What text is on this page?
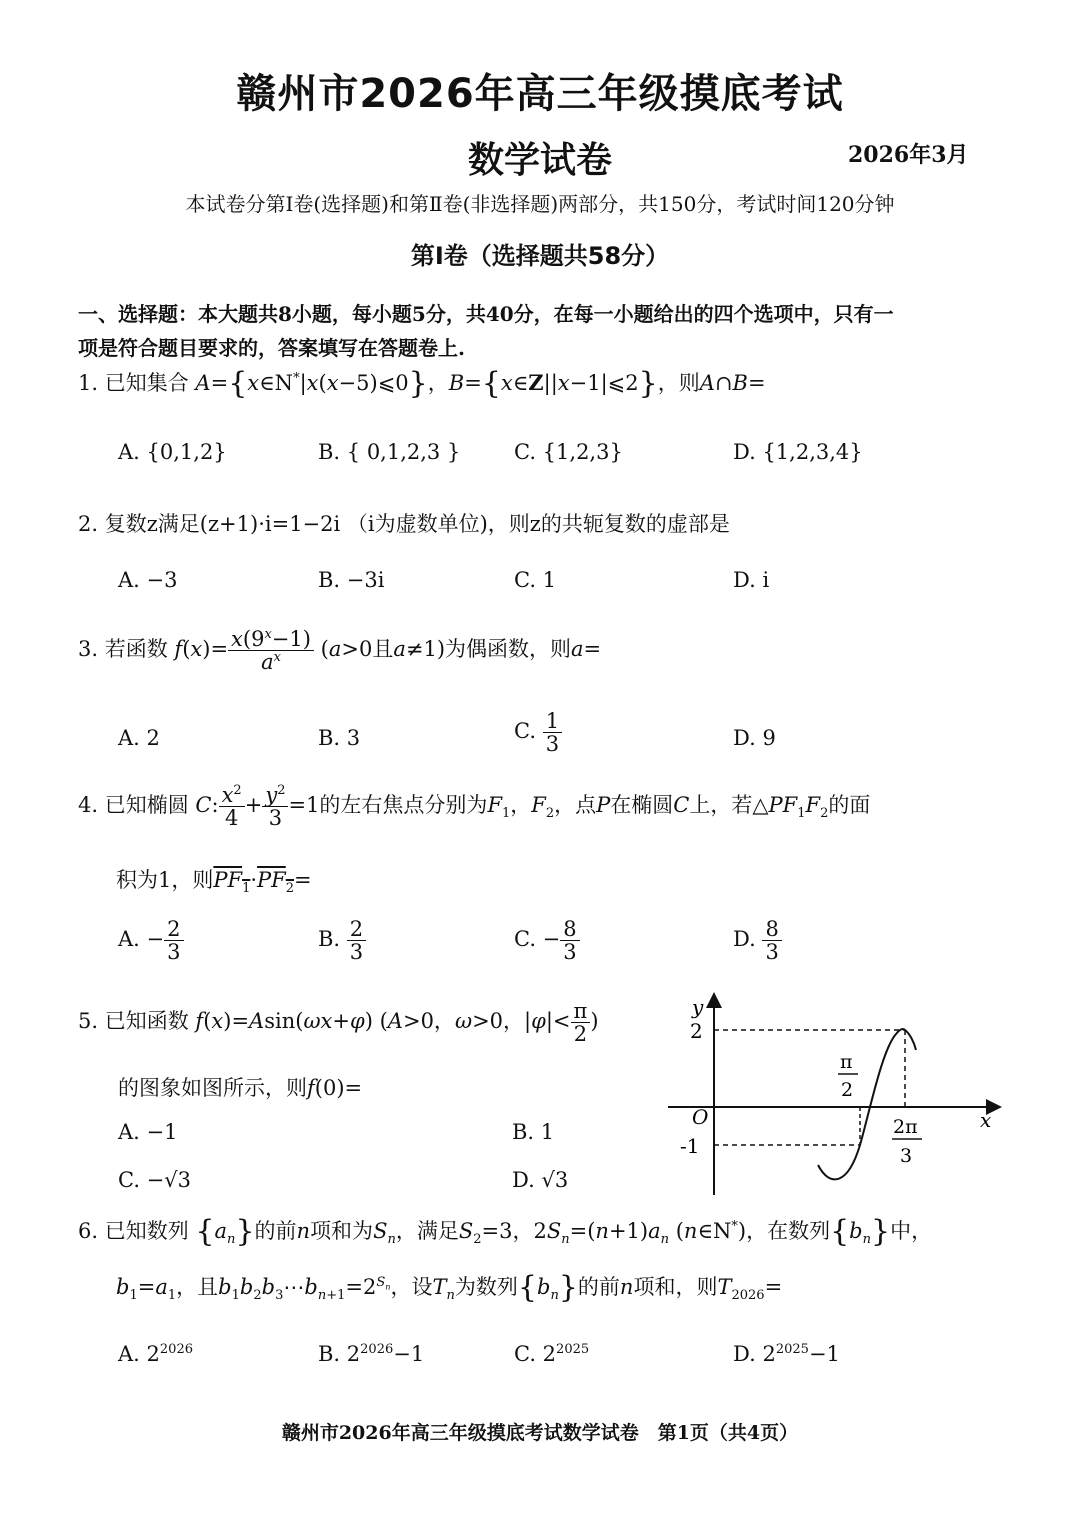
赣州市2026年高三年级摸底考试
数学试卷	2026年3月
本试卷分第Ⅰ卷(选择题)和第Ⅱ卷(非选择题)两部分，共150分，考试时间120分钟
第Ⅰ卷（选择题共58分）
一、选择题：本大题共8小题，每小题5分，共40分，在每一小题给出的四个选项中，只有一
项是符合题目要求的，答案填写在答题卷上.
1. 已知集合 A={x∈N*|x(x−5)⩽0}，B={x∈Z||x−1|⩽2}，则A∩B=
A. {0,1,2}	B. { 0,1,2,3 }	C. {1,2,3}	D. {1,2,3,4}
2. 复数z满足(z+1)·i=1−2i （i为虚数单位)，则z的共轭复数的虚部是
A. −3	B. −3i	C. 1	D. i
3. 若函数 $f(x)= \frac{x(9^x-1)}{a^x} (a>0$且a≠1)为偶函数，则a=
A. 2	B. 3	C. $\frac{1}{3}$	D. 9
4. 已知椭圆 C: $\frac{x^2}{4} + \frac{y^2}{3} =1$的左右焦点分别为$F_1$，$F_2$，点P在椭圆C上，若$\triangle PF_1F_2$的面
积为1，则$PF_1\cdot PF_2=$
A. − $\frac{2}{3}$	B. $\frac{2}{3}$	C. − $\frac{8}{3}$	D. $\frac{8}{3}$
5. 已知函数 f(x)=Asin(ωx+φ) (A>0，ω>0，$|\varphi|< \frac{\pi}{2}$ )
的图象如图所示，则f(0)=
A. −1	B. 1
C. −√3	D. √3
y
x
O
2
-1
π
2
2π
3
6. 已知数列 $\{a_n\}$的前n项和为$S_n$，满足$S_2=3$，$2S_n=(n+1)a_n$ (n∈N*)，在数列$\{b_n\}$中，
$b_1=a_1$，且$b_1b_2b_3\cdots b_{n+1}=2^{S_n}$，设$T_n$为数列$\{b_n\}$的前n项和，则$T_{2026}=$
A. $2^{2026}$	B. $2^{2026}-1$	C. $2^{2025}$	D. $2^{2025}-1$
赣州市2026年高三年级摸底考试数学试卷　第1页（共4页）
